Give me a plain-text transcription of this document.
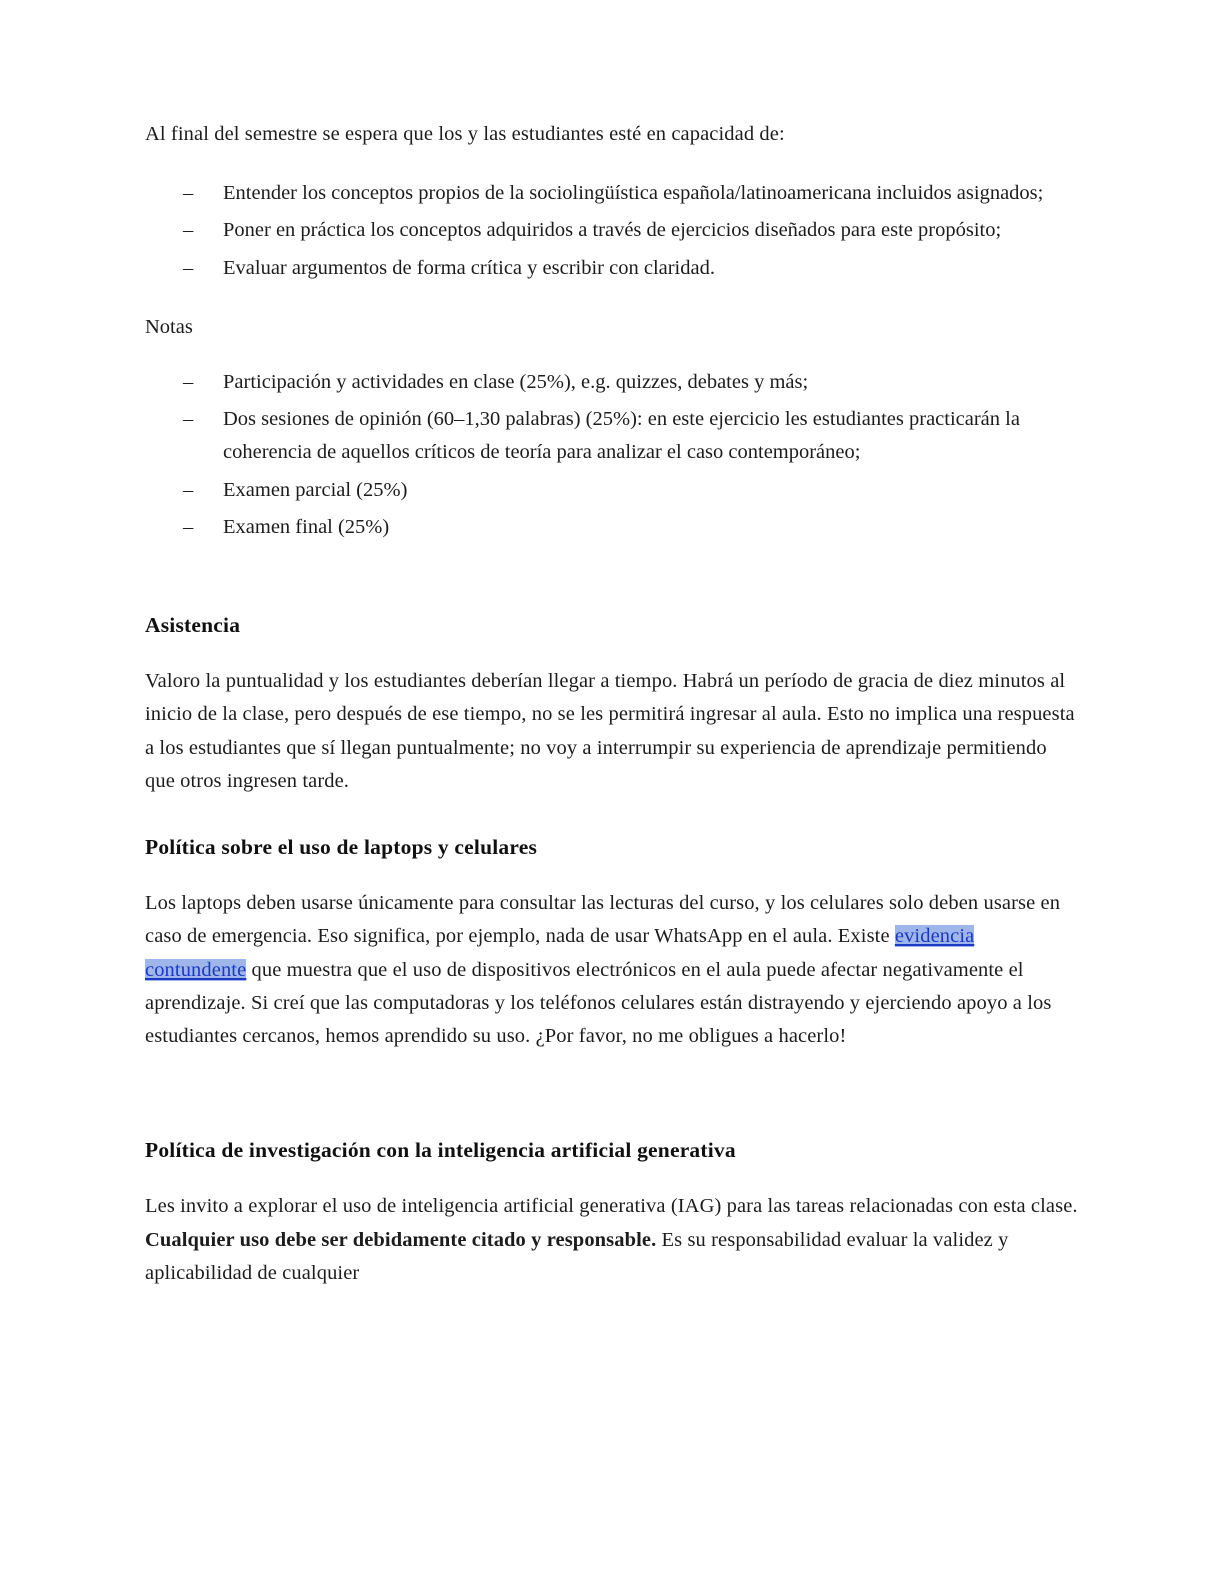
Al final del semestre se espera que los y las estudiantes esté en capacidad de:

– Entender los conceptos propios de la sociolingüística española/latinoamericana incluidos asignados;
– Poner en práctica los conceptos adquiridos a través de ejercicios diseñados para este propósito;
– Evaluar argumentos de forma crítica y escribir con claridad.

Notas

– Participación y actividades en clase (25%), e.g. quizzes, debates y más;
– Dos sesiones de opinión (60–1,30 palabras) (25%): en este ejercicio les estudiantes practicarán la coherencia de aquellos críticos de teoría para analizar el caso contemporáneo;
– Examen parcial (25%)
– Examen final (25%)
Asistencia

Valoro la puntualidad y los estudiantes deberían llegar a tiempo. Habrá un período de gracia de diez minutos al inicio de la clase, pero después de ese tiempo, no se les permitirá ingresar al aula. Esto no implica una respuesta a los estudiantes que sí llegan puntualmente; no voy a interrumpir su experiencia de aprendizaje permitiendo que otros ingresen tarde.

Política sobre el uso de laptops y celulares

Los laptops deben usarse únicamente para consultar las lecturas del curso, y los celulares solo deben usarse en caso de emergencia. Eso significa, por ejemplo, nada de usar WhatsApp en el aula. Existe evidencia contundente que muestra que el uso de dispositivos electrónicos en el aula puede afectar negativamente el aprendizaje. Si creí que las computadoras y los teléfonos celulares están distrayendo y ejerciendo apoyo a los estudiantes cercanos, hemos aprendido su uso. ¿Por favor, no me obligues a hacerlo!

Política de investigación con la inteligencia artificial generativa

Les invito a explorar el uso de inteligencia artificial generativa (IAG) para las tareas relacionadas con esta clase. Cualquier uso debe ser debidamente citado y responsable. Es su responsabilidad evaluar la validez y aplicabilidad de cualquier
